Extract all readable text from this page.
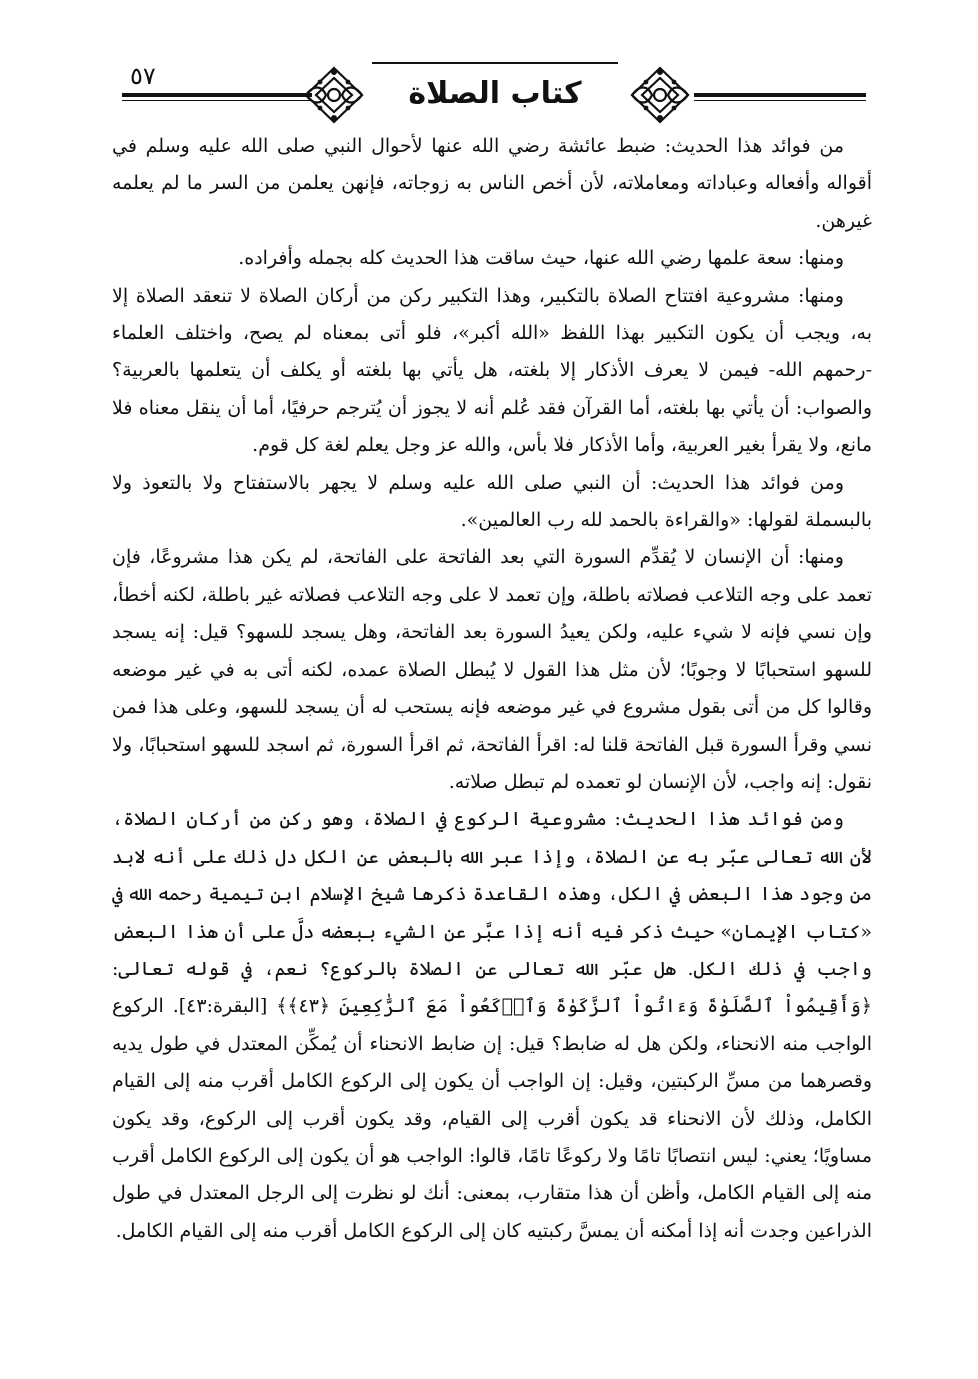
٥٧	كتاب الصلاة

من فوائد هذا الحديث: ضبط عائشة رضي الله عنها لأحوال النبي صلى الله عليه وسلم في أقواله وأفعاله وعباداته ومعاملاته، لأن أخص الناس به زوجاته، فإنهن يعلمن من السر ما لم يعلمه غيرهن.

ومنها: سعة علمها رضي الله عنها، حيث ساقت هذا الحديث كله بجمله وأفراده.

ومنها: مشروعية افتتاح الصلاة بالتكبير، وهذا التكبير ركن من أركان الصلاة لا تنعقد الصلاة إلا به، ويجب أن يكون التكبير بهذا اللفظ «الله أكبر»، فلو أتى بمعناه لم يصح، واختلف العلماء -رحمهم الله- فيمن لا يعرف الأذكار إلا بلغته، هل يأتي بها بلغته أو يكلف أن يتعلمها بالعربية؟ والصواب: أن يأتي بها بلغته، أما القرآن فقد عُلم أنه لا يجوز أن يُترجم حرفيًا، أما أن ينقل معناه فلا مانع، ولا يقرأ بغير العربية، وأما الأذكار فلا بأس، والله عز وجل يعلم لغة كل قوم.

ومن فوائد هذا الحديث: أن النبي صلى الله عليه وسلم لا يجهر بالاستفتاح ولا بالتعوذ ولا بالبسملة لقولها: «والقراءة بالحمد لله رب العالمين».

ومنها: أن الإنسان لا يُقدِّم السورة التي بعد الفاتحة على الفاتحة، لم يكن هذا مشروعًا، فإن تعمد على وجه التلاعب فصلاته باطلة، وإن تعمد لا على وجه التلاعب فصلاته غير باطلة، لكنه أخطأ، وإن نسي فإنه لا شيء عليه، ولكن يعيدُ السورة بعد الفاتحة، وهل يسجد للسهو؟ قيل: إنه يسجد للسهو استحبابًا لا وجوبًا؛ لأن مثل هذا القول لا يُبطل الصلاة عمده، لكنه أتى به في غير موضعه وقالوا كل من أتى بقول مشروع في غير موضعه فإنه يستحب له أن يسجد للسهو، وعلى هذا فمن نسي وقرأ السورة قبل الفاتحة قلنا له: اقرأ الفاتحة، ثم اقرأ السورة، ثم اسجد للسهو استحبابًا، ولا نقول: إنه واجب، لأن الإنسان لو تعمده لم تبطل صلاته.

ومن فوائد هذا الحديث: مشروعية الركوع في الصلاة، وهو ركن من أركان الصلاة، لأن الله تعالى عبّر به عن الصلاة، وإذا عبر الله بالبعض عن الكل دل ذلك على أنه لابد من وجود هذا البعض في الكل، وهذه القاعدة ذكرها شيخ الإسلام ابن تيمية رحمه الله في «كتاب الإيمان» حيث ذكر فيه أنه إذا عبَّر عن الشيء ببعضه دلَّ على أن هذا البعض واجب في ذلك الكل. هل عبّر الله تعالى عن الصلاة بالركوع؟ نعم، في قوله تعالى: ﴿وَأَقِيمُواْ ٱلصَّلَوٰةَ وَءَاتُواْ ٱلزَّكَوٰةَ وَٱرۡكَعُواْ مَعَ ٱلرَّٰكِعِينَ ﴿٤٣﴾﴾ [البقرة:٤٣]. الركوع الواجب منه الانحناء، ولكن هل له ضابط؟ قيل: إن ضابط الانحناء أن يُمكِّن المعتدل في طول يديه وقصرهما من مسِّ الركبتين، وقيل: إن الواجب أن يكون إلى الركوع الكامل أقرب منه إلى القيام الكامل، وذلك لأن الانحناء قد يكون أقرب إلى القيام، وقد يكون أقرب إلى الركوع، وقد يكون مساويًا؛ يعني: ليس انتصابًا تامًا ولا ركوعًا تامًا، قالوا: الواجب هو أن يكون إلى الركوع الكامل أقرب منه إلى القيام الكامل، وأظن أن هذا متقارب، بمعنى: أنك لو نظرت إلى الرجل المعتدل في طول الذراعين وجدت أنه إذا أمكنه أن يمسَّ ركبتيه كان إلى الركوع الكامل أقرب منه إلى القيام الكامل.
